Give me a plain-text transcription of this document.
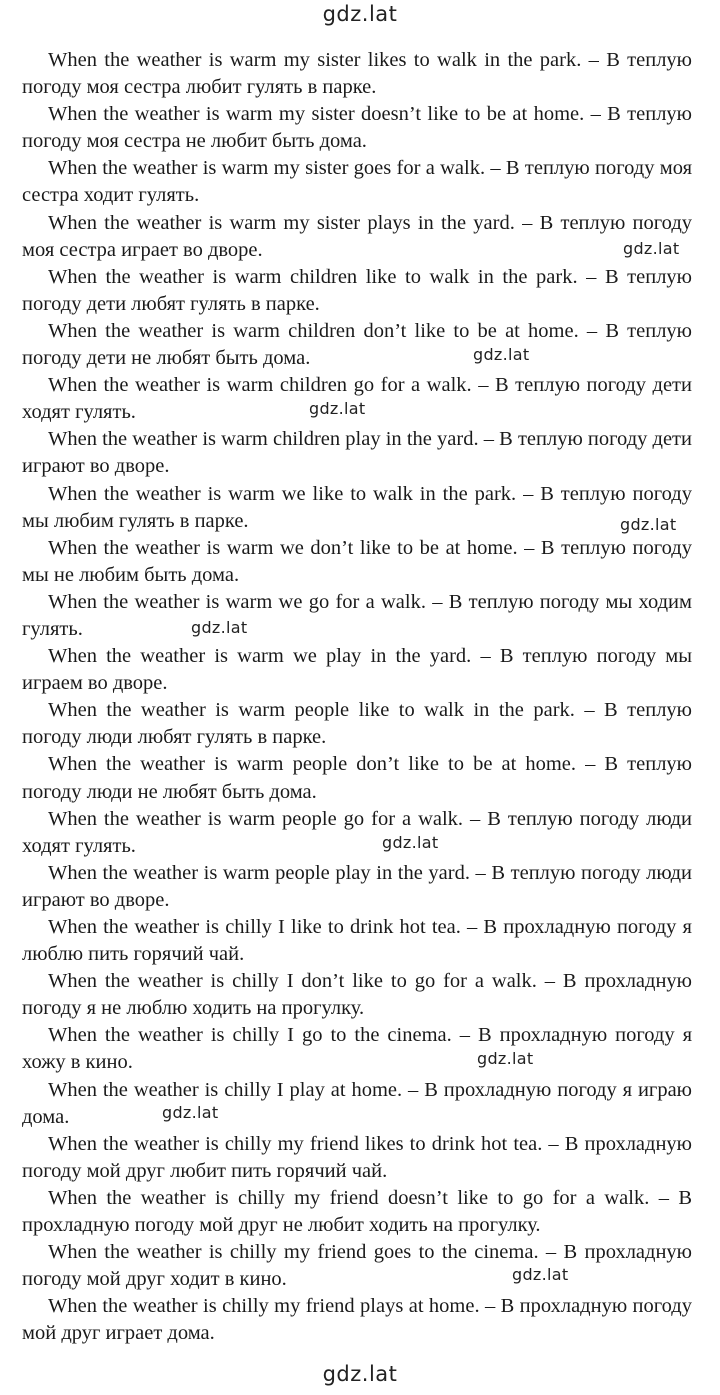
gdz.lat

When the weather is warm my sister likes to walk in the park. – В теплую погоду моя сестра любит гулять в парке.

When the weather is warm my sister doesn’t like to be at home. – В теплую погоду моя сестра не любит быть дома.

When the weather is warm my sister goes for a walk. – В теплую погоду моя сестра ходит гулять.

When the weather is warm my sister plays in the yard. – В теплую погоду моя сестра играет во дворе.

When the weather is warm children like to walk in the park. – В теплую погоду дети любят гулять в парке.

When the weather is warm children don’t like to be at home. – В теплую погоду дети не любят быть дома.

When the weather is warm children go for a walk. – В теплую погоду дети ходят гулять.

When the weather is warm children play in the yard. – В теплую погоду дети играют во дворе.

When the weather is warm we like to walk in the park. – В теплую погоду мы любим гулять в парке.

When the weather is warm we don’t like to be at home. – В теплую погоду мы не любим быть дома.

When the weather is warm we go for a walk. – В теплую погоду мы ходим гулять.

When the weather is warm we play in the yard. – В теплую погоду мы играем во дворе.

When the weather is warm people like to walk in the park. – В теплую погоду люди любят гулять в парке.

When the weather is warm people don’t like to be at home. – В теплую погоду люди не любят быть дома.

When the weather is warm people go for a walk. – В теплую погоду люди ходят гулять.

When the weather is warm people play in the yard. – В теплую погоду люди играют во дворе.

When the weather is chilly I like to drink hot tea. – В прохладную погоду я люблю пить горячий чай.

When the weather is chilly I don’t like to go for a walk. – В прохладную погоду я не люблю ходить на прогулку.

When the weather is chilly I go to the cinema. – В прохладную погоду я хожу в кино.

When the weather is chilly I play at home. – В прохладную погоду я играю дома.

When the weather is chilly my friend likes to drink hot tea. – В прохладную погоду мой друг любит пить горячий чай.

When the weather is chilly my friend doesn’t like to go for a walk. – В прохладную погоду мой друг не любит ходить на прогулку.

When the weather is chilly my friend goes to the cinema. – В прохладную погоду мой друг ходит в кино.

When the weather is chilly my friend plays at home. – В прохладную погоду мой друг играет дома.

gdz.lat
gdz.lat
gdz.lat
gdz.lat
gdz.lat
gdz.lat
gdz.lat
gdz.lat
gdz.lat
gdz.lat
